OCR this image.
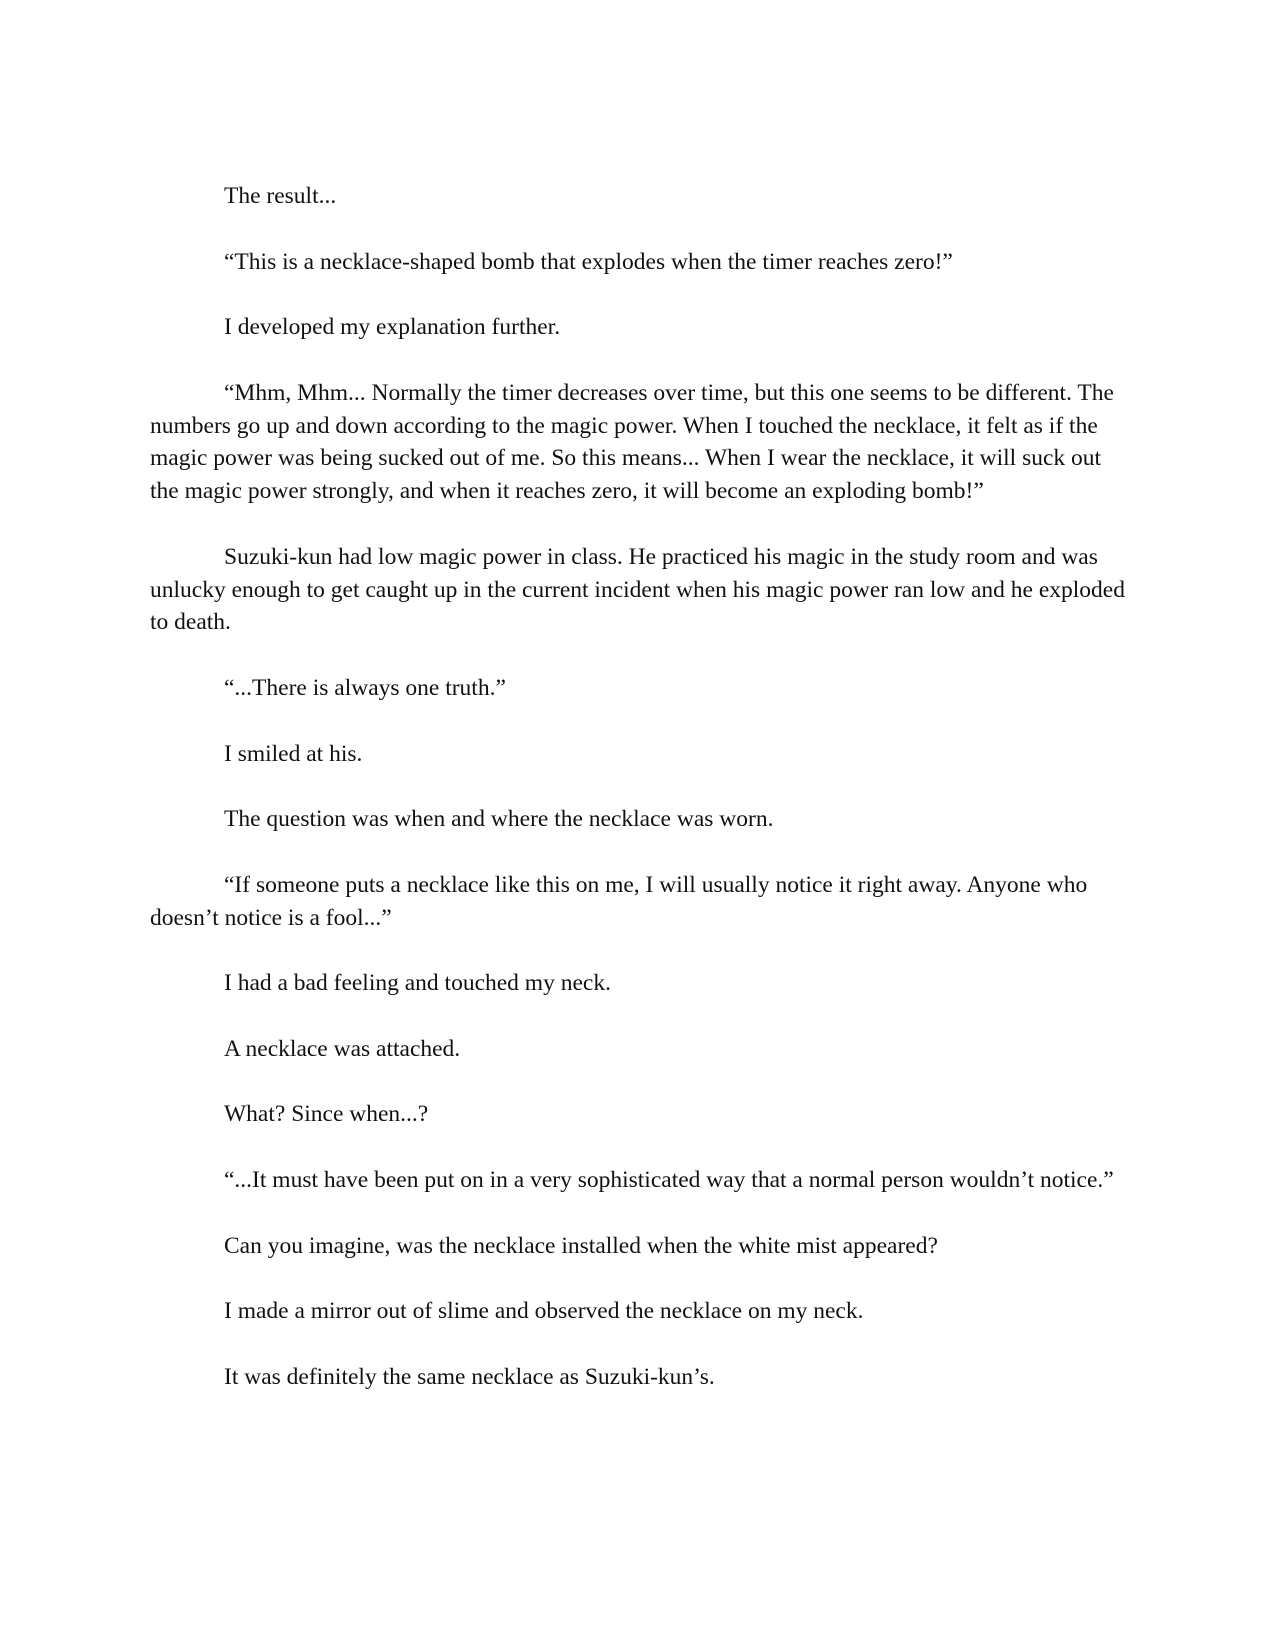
The result...

“This is a necklace-shaped bomb that explodes when the timer reaches zero!”

I developed my explanation further.

“Mhm, Mhm... Normally the timer decreases over time, but this one seems to be different. The numbers go up and down according to the magic power. When I touched the necklace, it felt as if the magic power was being sucked out of me. So this means... When I wear the necklace, it will suck out the magic power strongly, and when it reaches zero, it will become an exploding bomb!”

Suzuki-kun had low magic power in class. He practiced his magic in the study room and was unlucky enough to get caught up in the current incident when his magic power ran low and he exploded to death.

“...There is always one truth.”

I smiled at his.

The question was when and where the necklace was worn.

“If someone puts a necklace like this on me, I will usually notice it right away. Anyone who doesn’t notice is a fool...”

I had a bad feeling and touched my neck.

A necklace was attached.

What? Since when...?

“...It must have been put on in a very sophisticated way that a normal person wouldn’t notice.”

Can you imagine, was the necklace installed when the white mist appeared?

I made a mirror out of slime and observed the necklace on my neck.

It was definitely the same necklace as Suzuki-kun’s.
